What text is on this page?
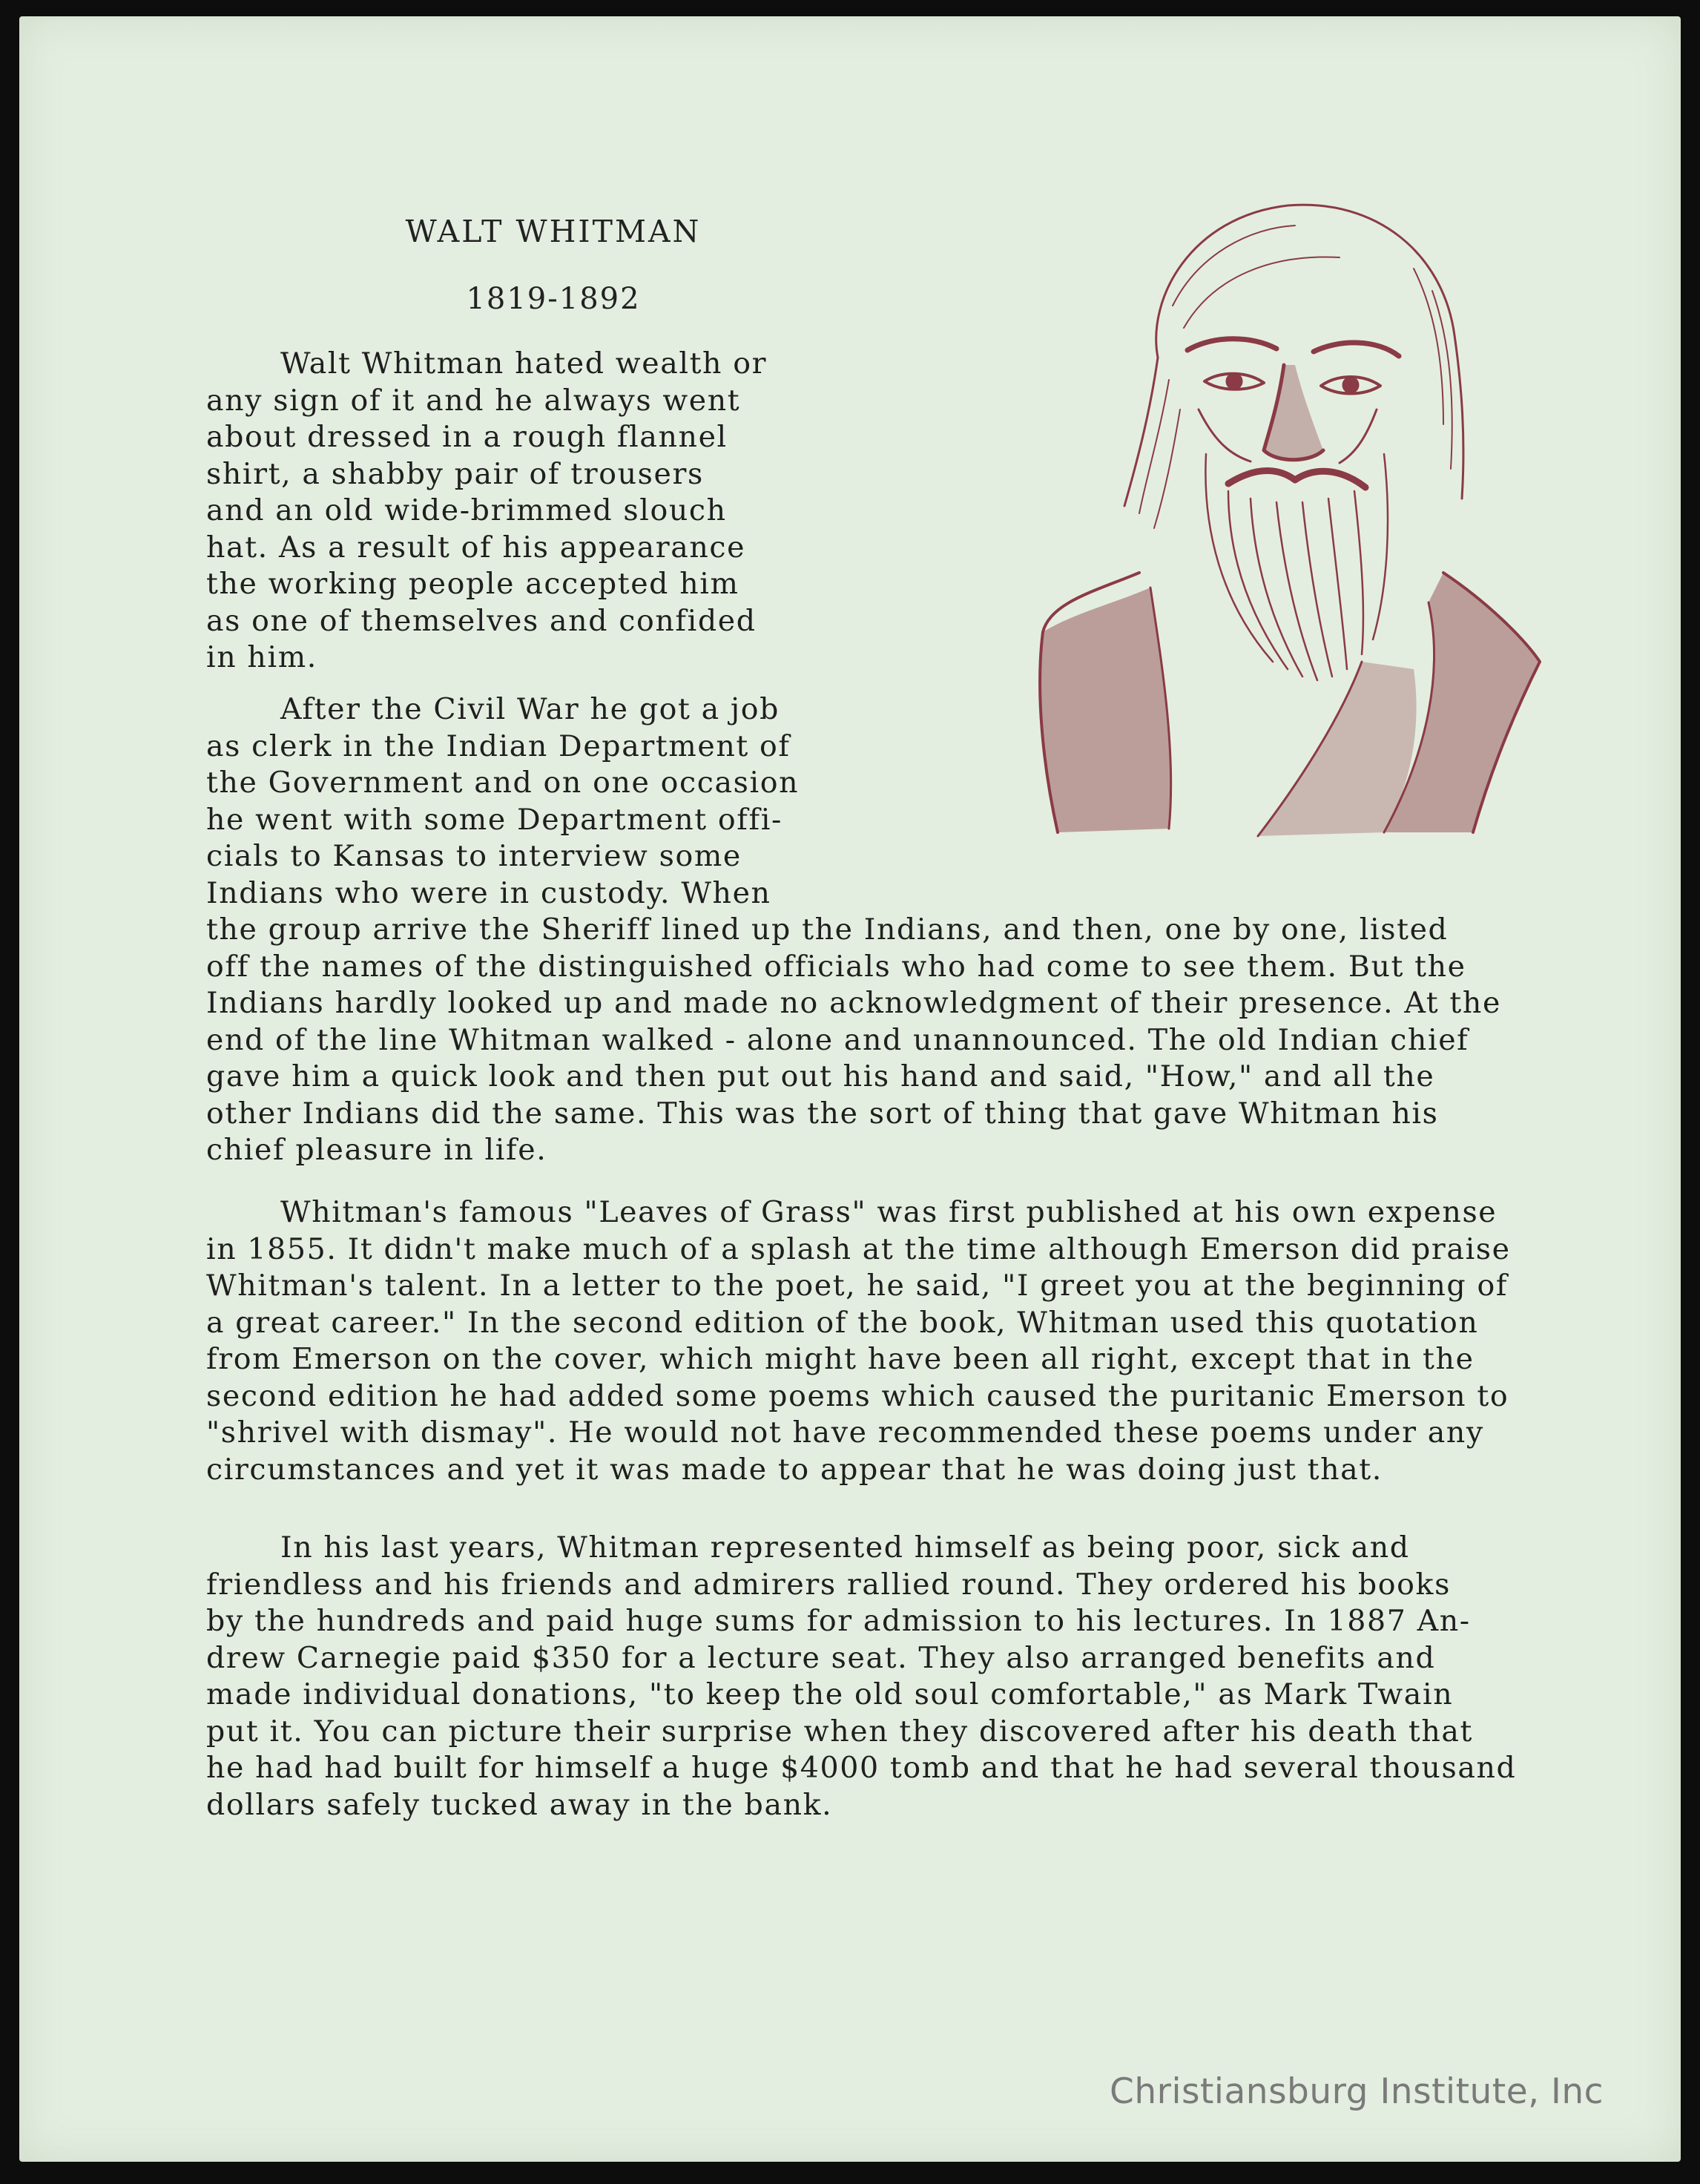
WALT WHITMAN
1819-1892
Walt Whitman hated wealth or
any sign of it and he always went
about dressed in a rough flannel
shirt, a shabby pair of trousers
and an old wide-brimmed slouch
hat. As a result of his appearance
the working people accepted him
as one of themselves and confided
in him.
After the Civil War he got a job
as clerk in the Indian Department of
the Government and on one occasion
he went with some Department offi-
cials to Kansas to interview some
Indians who were in custody. When
the group arrive the Sheriff lined up the Indians, and then, one by one, listed
off the names of the distinguished officials who had come to see them. But the
Indians hardly looked up and made no acknowledgment of their presence. At the
end of the line Whitman walked - alone and unannounced. The old Indian chief
gave him a quick look and then put out his hand and said, "How," and all the
other Indians did the same. This was the sort of thing that gave Whitman his
chief pleasure in life.
Whitman's famous "Leaves of Grass" was first published at his own expense
in 1855. It didn't make much of a splash at the time although Emerson did praise
Whitman's talent. In a letter to the poet, he said, "I greet you at the beginning of
a great career." In the second edition of the book, Whitman used this quotation
from Emerson on the cover, which might have been all right, except that in the
second edition he had added some poems which caused the puritanic Emerson to
"shrivel with dismay". He would not have recommended these poems under any
circumstances and yet it was made to appear that he was doing just that.
In his last years, Whitman represented himself as being poor, sick and
friendless and his friends and admirers rallied round. They ordered his books
by the hundreds and paid huge sums for admission to his lectures. In 1887 An-
drew Carnegie paid $350 for a lecture seat. They also arranged benefits and
made individual donations, "to keep the old soul comfortable," as Mark Twain
put it. You can picture their surprise when they discovered after his death that
he had had built for himself a huge $4000 tomb and that he had several thousand
dollars safely tucked away in the bank.
Christiansburg Institute, Inc
